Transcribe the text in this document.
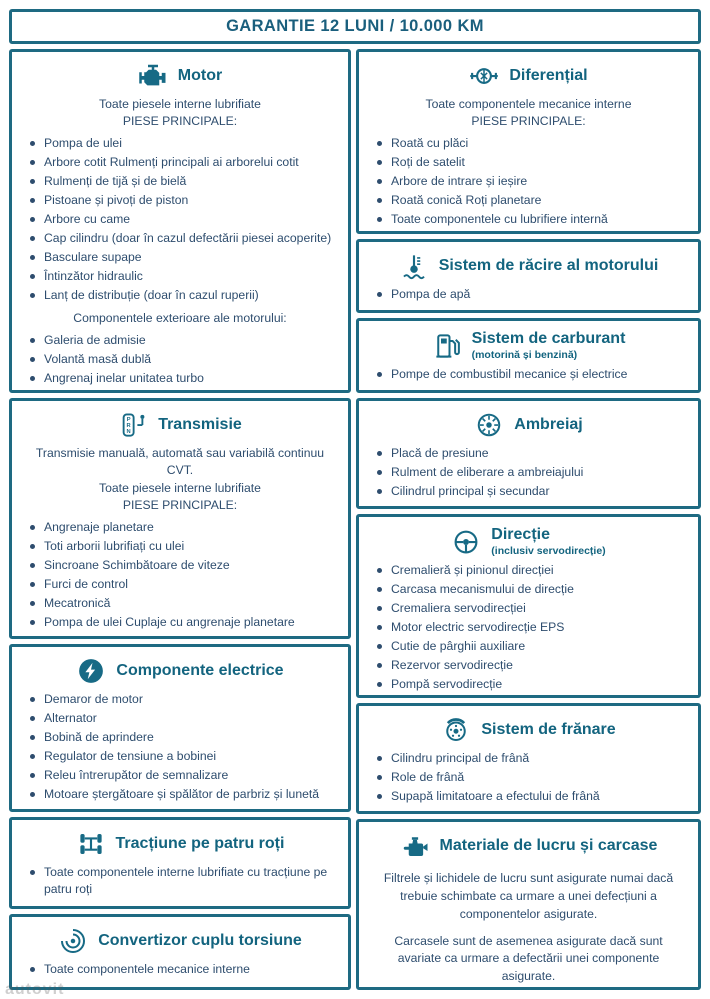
GARANTIE 12 LUNI / 10.000 KM
Motor
Toate piesele interne lubrifiate
PIESE PRINCIPALE:
Pompa de ulei
Arbore cotit Rulmenți principali ai arborelui cotit
Rulmenți de tijă și de bielă
Pistoane și pivoți de piston
Arbore cu came
Cap cilindru (doar în cazul defectării piesei acoperite)
Basculare supape
Întinzător hidraulic
Lanț de distribuție (doar în cazul ruperii)
Componentele exterioare ale motorului:
Galeria de admisie
Volantă masă dublă
Angrenaj inelar unitatea turbo
P
R
N Transmisie
Transmisie manuală, automată sau variabilă continuu CVT.
Toate piesele interne lubrifiate
PIESE PRINCIPALE:
Angrenaje planetare
Toti arborii lubrifiați cu ulei
Sincroane Schimbătoare de viteze
Furci de control
Mecatronică
Pompa de ulei Cuplaje cu angrenaje planetare
Componente electrice
Demaror de motor
Alternator
Bobină de aprindere
Regulator de tensiune a bobinei
Releu întrerupător de semnalizare
Motoare ștergătoare și spălător de parbriz și lunetă
Tracțiune pe patru roți
Toate componentele interne lubrifiate cu tracțiune pe patru roți
Convertizor cuplu torsiune
Toate componentele mecanice interne
Diferențial
Toate componentele mecanice interne
PIESE PRINCIPALE:
Roată cu plăci
Roți de satelit
Arbore de intrare și ieșire
Roată conică Roți planetare
Toate componentele cu lubrifiere internă
Sistem de răcire al motorului
Pompa de apă
Sistem de carburant
(motorină și benzină)
Pompe de combustibil mecanice și electrice
Ambreiaj
Placă de presiune
Rulment de eliberare a ambreiajului
Cilindrul principal și secundar
Direcție
(inclusiv servodirecție)
Cremalieră și pinionul direcției
Carcasa mecanismului de direcție
Cremaliera servodirecției
Motor electric servodirecție EPS
Cutie de pârghii auxiliare
Rezervor servodirecție
Pompă servodirecție
Sistem de frănare
Cilindru principal de frână
Role de frână
Supapă limitatoare a efectului de frână
Materiale de lucru și carcase

Filtrele și lichidele de lucru sunt asigurate numai dacă trebuie schimbate ca urmare a unei defecțiuni a componentelor asigurate.

Carcasele sunt de asemenea asigurate dacă sunt avariate ca urmare a defectării unei componente asigurate.

autovit
